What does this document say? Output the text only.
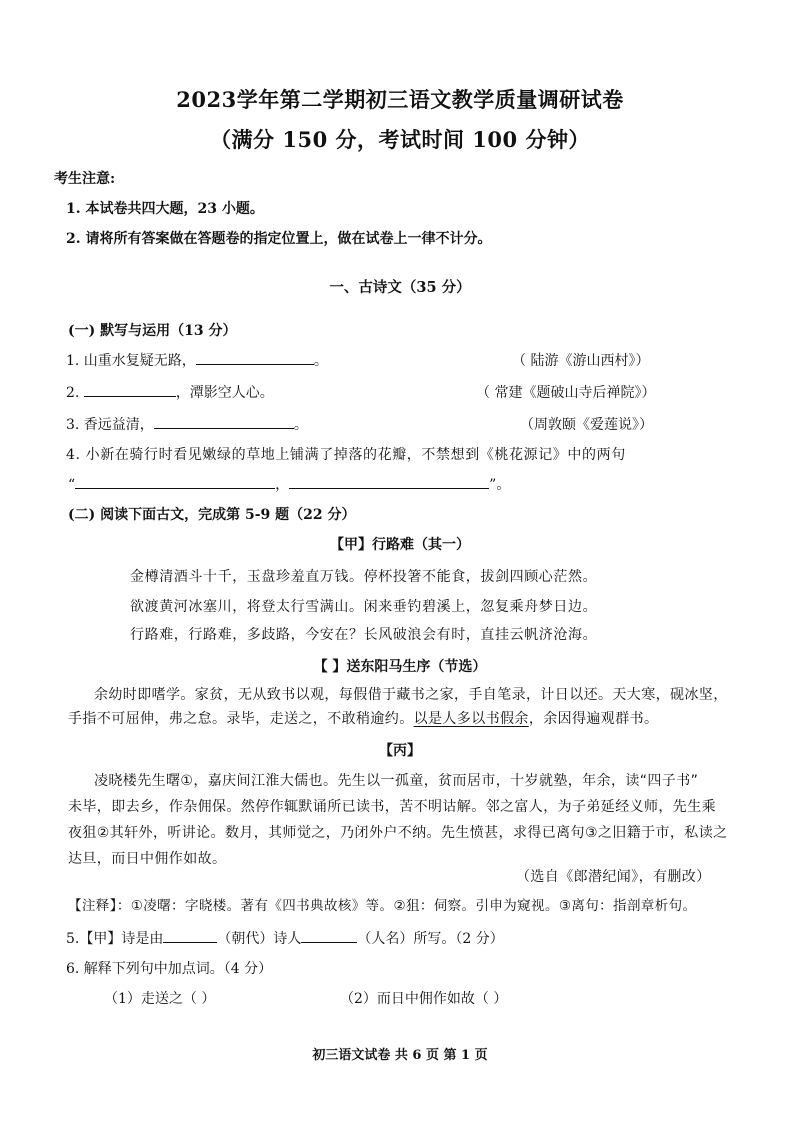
2023学年第二学期初三语文教学质量调研试卷
（满分 150 分，考试时间 100 分钟）
考生注意:
1. 本试卷共四大题，23 小题。
2. 请将所有答案做在答题卷的指定位置上，做在试卷上一律不计分。
一、古诗文（35 分）
(一) 默写与运用（13 分）
1. 山重水复疑无路，	。	（ 陆游《游山西村》）
2.	，潭影空人心。	（ 常建《题破山寺后禅院》）
3. 香远益清，	。	（周敦颐《爱莲说》）
4. 小新在骑行时看见嫩绿的草地上铺满了掉落的花瓣，不禁想到《桃花源记》中的两句
“	，	”。
(二) 阅读下面古文，完成第 5-9 题（22 分）
【甲】行路难（其一）
金樽清酒斗十千，玉盘珍羞直万钱。停杯投箸不能食，拔剑四顾心茫然。
欲渡黄河冰塞川，将登太行雪满山。闲来垂钓碧溪上，忽复乘舟梦日边。
行路难，行路难，多歧路，今安在？长风破浪会有时，直挂云帆济沧海。
【 】送东阳马生序（节选）
余幼时即嗜学。家贫，无从致书以观，每假借于藏书之家，手自笔录，计日以还。天大寒，砚冰坚，
手指不可屈伸，弗之怠。录毕，走送之，不敢稍逾约。以是人多以书假余，余因得遍观群书。
【丙】
凌晓楼先生曙①，嘉庆间江淮大儒也。先生以一孤童，贫而居市，十岁就塾，年余，读“四子书”
未毕，即去乡，作杂佣保。然停作辄默诵所已读书，苦不明诂解。邻之富人，为子弟延经义师，先生乘
夜狙②其轩外，听讲论。数月，其师觉之，乃闭外户不纳。先生愤甚，求得已离句③之旧籍于市，私读之
达旦，而日中佣作如故。
（选自《郎潜纪闻》，有删改）
【注释】：①凌曙：字晓楼。著有《四书典故核》等。②狙：伺察。引申为窥视。③离句：指剖章析句。
5.【甲】诗是由	（朝代）诗人	（人名）所写。（2 分）
6. 解释下列句中加点词。（4 分）
（1）走送之（ ）	（2）而日中佣作如故（ ）
初三语文试卷 共 6 页 第 1 页
